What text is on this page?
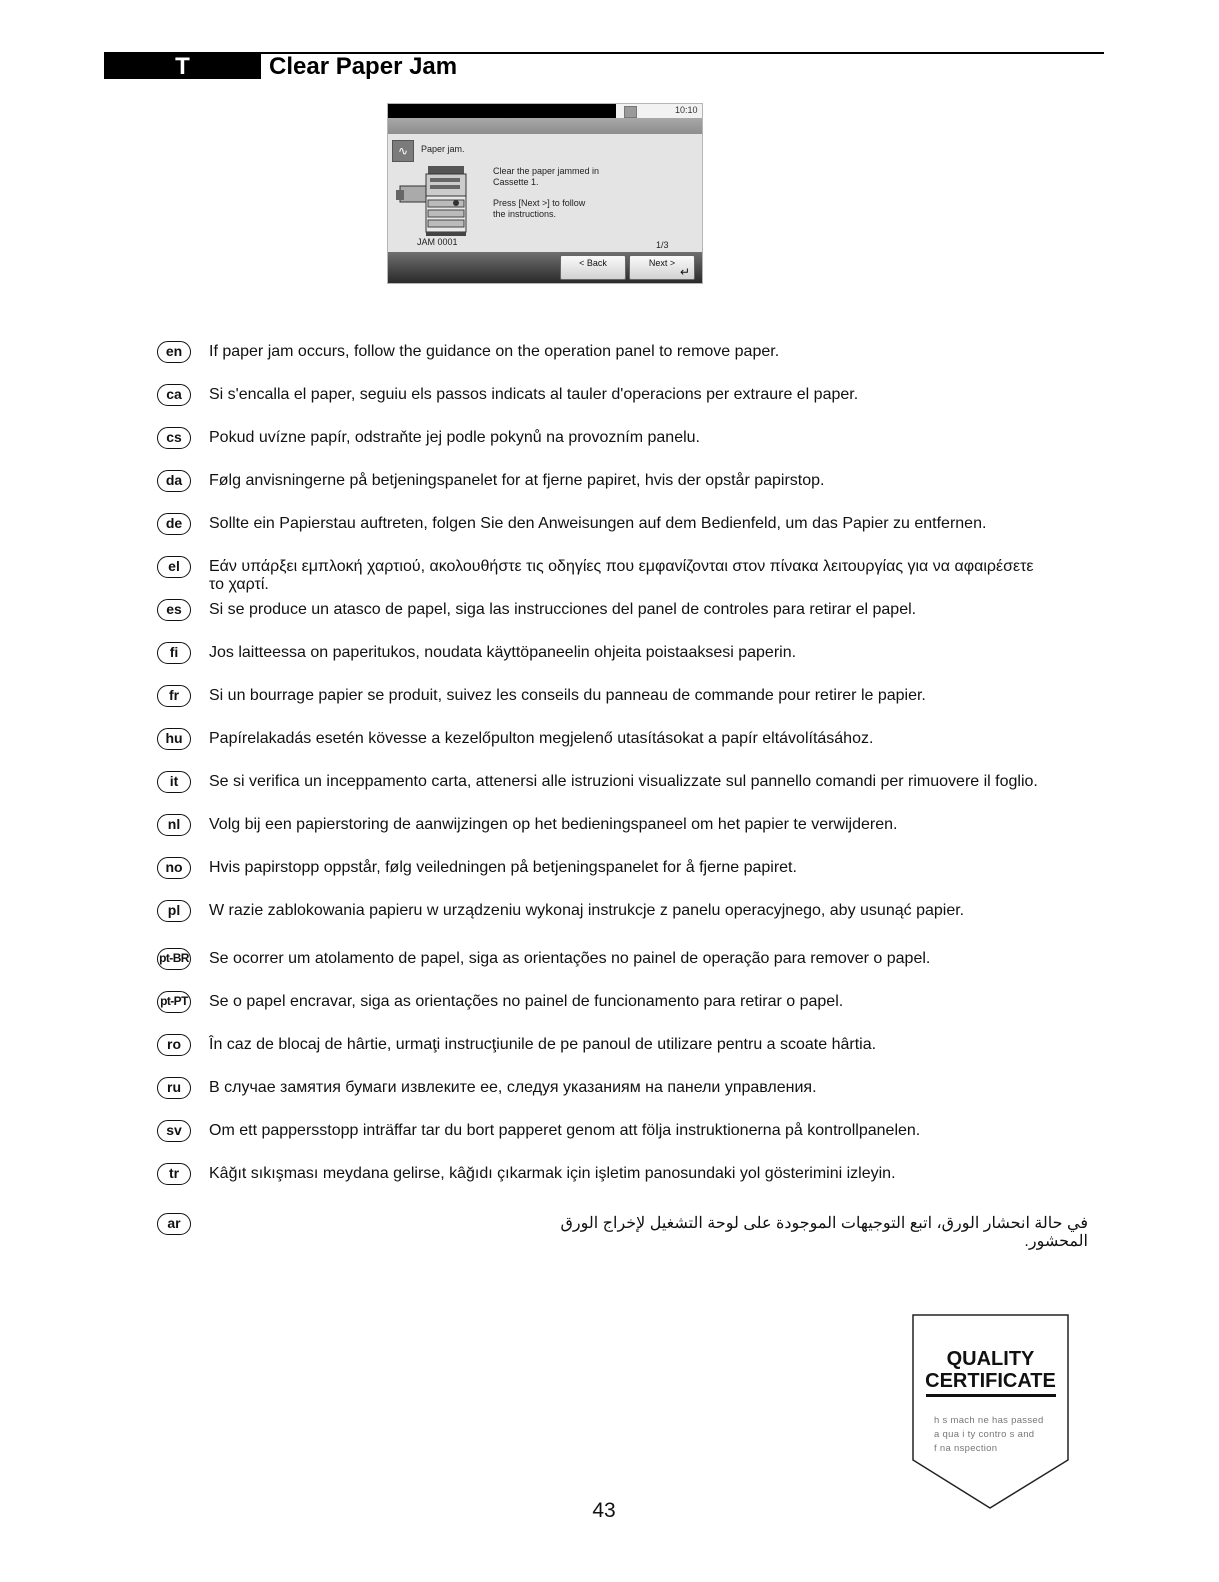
T	Clear Paper Jam
10:10
∿	Paper jam.
Clear the paper jammed in
Cassette 1.
Press [Next >] to follow
the instructions.
JAM 0001	1/3
< Back	Next >
↵
en	If paper jam occurs, follow the guidance on the operation panel to remove paper.
ca	Si s'encalla el paper, seguiu els passos indicats al tauler d'operacions per extraure el paper.
cs	Pokud uvízne papír, odstraňte jej podle pokynů na provozním panelu.
da	Følg anvisningerne på betjeningspanelet for at fjerne papiret, hvis der opstår papirstop.
de	Sollte ein Papierstau auftreten, folgen Sie den Anweisungen auf dem Bedienfeld, um das Papier zu entfernen.
el	Εάν υπάρξει εμπλοκή χαρτιού, ακολουθήστε τις οδηγίες που εμφανίζονται στον πίνακα λειτουργίας για να αφαιρέσετε το χαρτί.
es	Si se produce un atasco de papel, siga las instrucciones del panel de controles para retirar el papel.
fi	Jos laitteessa on paperitukos, noudata käyttöpaneelin ohjeita poistaaksesi paperin.
fr	Si un bourrage papier se produit, suivez les conseils du panneau de commande pour retirer le papier.
hu	Papírelakadás esetén kövesse a kezelőpulton megjelenő utasításokat a papír eltávolításához.
it	Se si verifica un inceppamento carta, attenersi alle istruzioni visualizzate sul pannello comandi per rimuovere il foglio.
nl	Volg bij een papierstoring de aanwijzingen op het bedieningspaneel om het papier te verwijderen.
no	Hvis papirstopp oppstår, følg veiledningen på betjeningspanelet for å fjerne papiret.
pl	W razie zablokowania papieru w urządzeniu wykonaj instrukcje z panelu operacyjnego, aby usunąć papier.
pt-BR Se ocorrer um atolamento de papel, siga as orientações no painel de operação para remover o papel.
pt-PT Se o papel encravar, siga as orientações no painel de funcionamento para retirar o papel.
ro	În caz de blocaj de hârtie, urmaţi instrucţiunile de pe panoul de utilizare pentru a scoate hârtia.
ru	В случае замятия бумаги извлеките ее, следуя указаниям на панели управления.
sv	Om ett pappersstopp inträffar tar du bort papperet genom att följa instruktionerna på kontrollpanelen.
tr	Kâğıt sıkışması meydana gelirse, kâğıdı çıkarmak için işletim panosundaki yol gösterimini izleyin.
ar	في حالة انحشار الورق، اتبع التوجيهات الموجودة على لوحة التشغيل لإخراج الورق المحشور.
QUALITY
CERTIFICATE
h s mach ne has passed
a qua i ty contro s and
f na nspection
43
